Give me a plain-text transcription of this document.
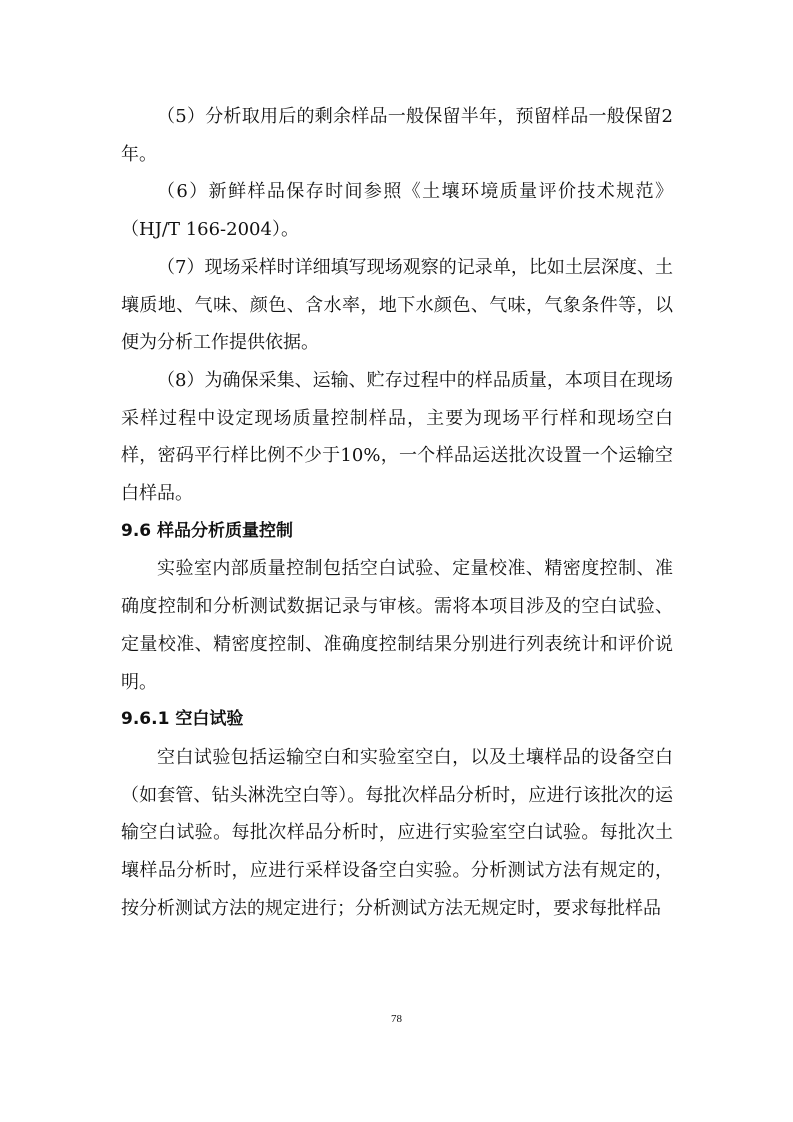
（5）分析取用后的剩余样品一般保留半年，预留样品一般保留2年。

（6）新鲜样品保存时间参照《土壤环境质量评价技术规范》（HJ/T 166-2004）。

（7）现场采样时详细填写现场观察的记录单，比如土层深度、土壤质地、气味、颜色、含水率，地下水颜色、气味，气象条件等，以便为分析工作提供依据。

（8）为确保采集、运输、贮存过程中的样品质量，本项目在现场采样过程中设定现场质量控制样品，主要为现场平行样和现场空白样，密码平行样比例不少于10%，一个样品运送批次设置一个运输空白样品。

9.6 样品分析质量控制

实验室内部质量控制包括空白试验、定量校准、精密度控制、准确度控制和分析测试数据记录与审核。需将本项目涉及的空白试验、定量校准、精密度控制、准确度控制结果分别进行列表统计和评价说明。

9.6.1 空白试验

空白试验包括运输空白和实验室空白，以及土壤样品的设备空白（如套管、钻头淋洗空白等）。每批次样品分析时，应进行该批次的运输空白试验。每批次样品分析时，应进行实验室空白试验。每批次土壤样品分析时，应进行采样设备空白实验。分析测试方法有规定的，按分析测试方法的规定进行；分析测试方法无规定时，要求每批样品

78
